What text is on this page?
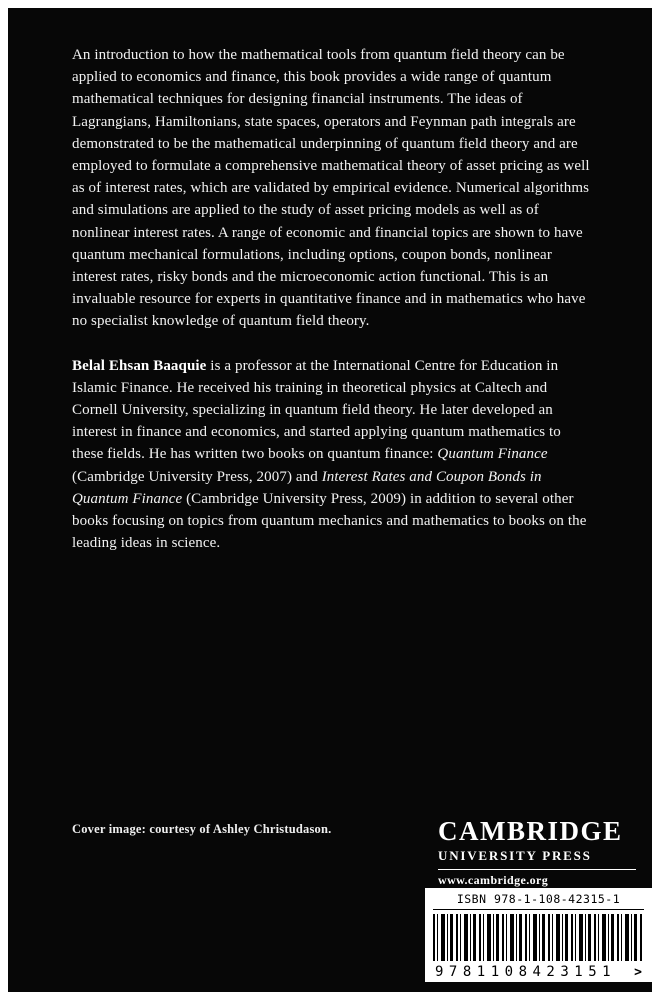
An introduction to how the mathematical tools from quantum field theory can be applied to economics and finance, this book provides a wide range of quantum mathematical techniques for designing financial instruments. The ideas of Lagrangians, Hamiltonians, state spaces, operators and Feynman path integrals are demonstrated to be the mathematical underpinning of quantum field theory and are employed to formulate a comprehensive mathematical theory of asset pricing as well as of interest rates, which are validated by empirical evidence. Numerical algorithms and simulations are applied to the study of asset pricing models as well as of nonlinear interest rates. A range of economic and financial topics are shown to have quantum mechanical formulations, including options, coupon bonds, nonlinear interest rates, risky bonds and the microeconomic action functional. This is an invaluable resource for experts in quantitative finance and in mathematics who have no specialist knowledge of quantum field theory.

Belal Ehsan Baaquie is a professor at the International Centre for Education in Islamic Finance. He received his training in theoretical physics at Caltech and Cornell University, specializing in quantum field theory. He later developed an interest in finance and economics, and started applying quantum mathematics to these fields. He has written two books on quantum finance: Quantum Finance (Cambridge University Press, 2007) and Interest Rates and Coupon Bonds in Quantum Finance (Cambridge University Press, 2009) in addition to several other books focusing on topics from quantum mechanics and mathematics to books on the leading ideas in science.

Cover image: courtesy of Ashley Christudason.	CAMBRIDGE
UNIVERSITY PRESS
www.cambridge.org
ISBN 978-1-108-42315-1
9781108423151 >
